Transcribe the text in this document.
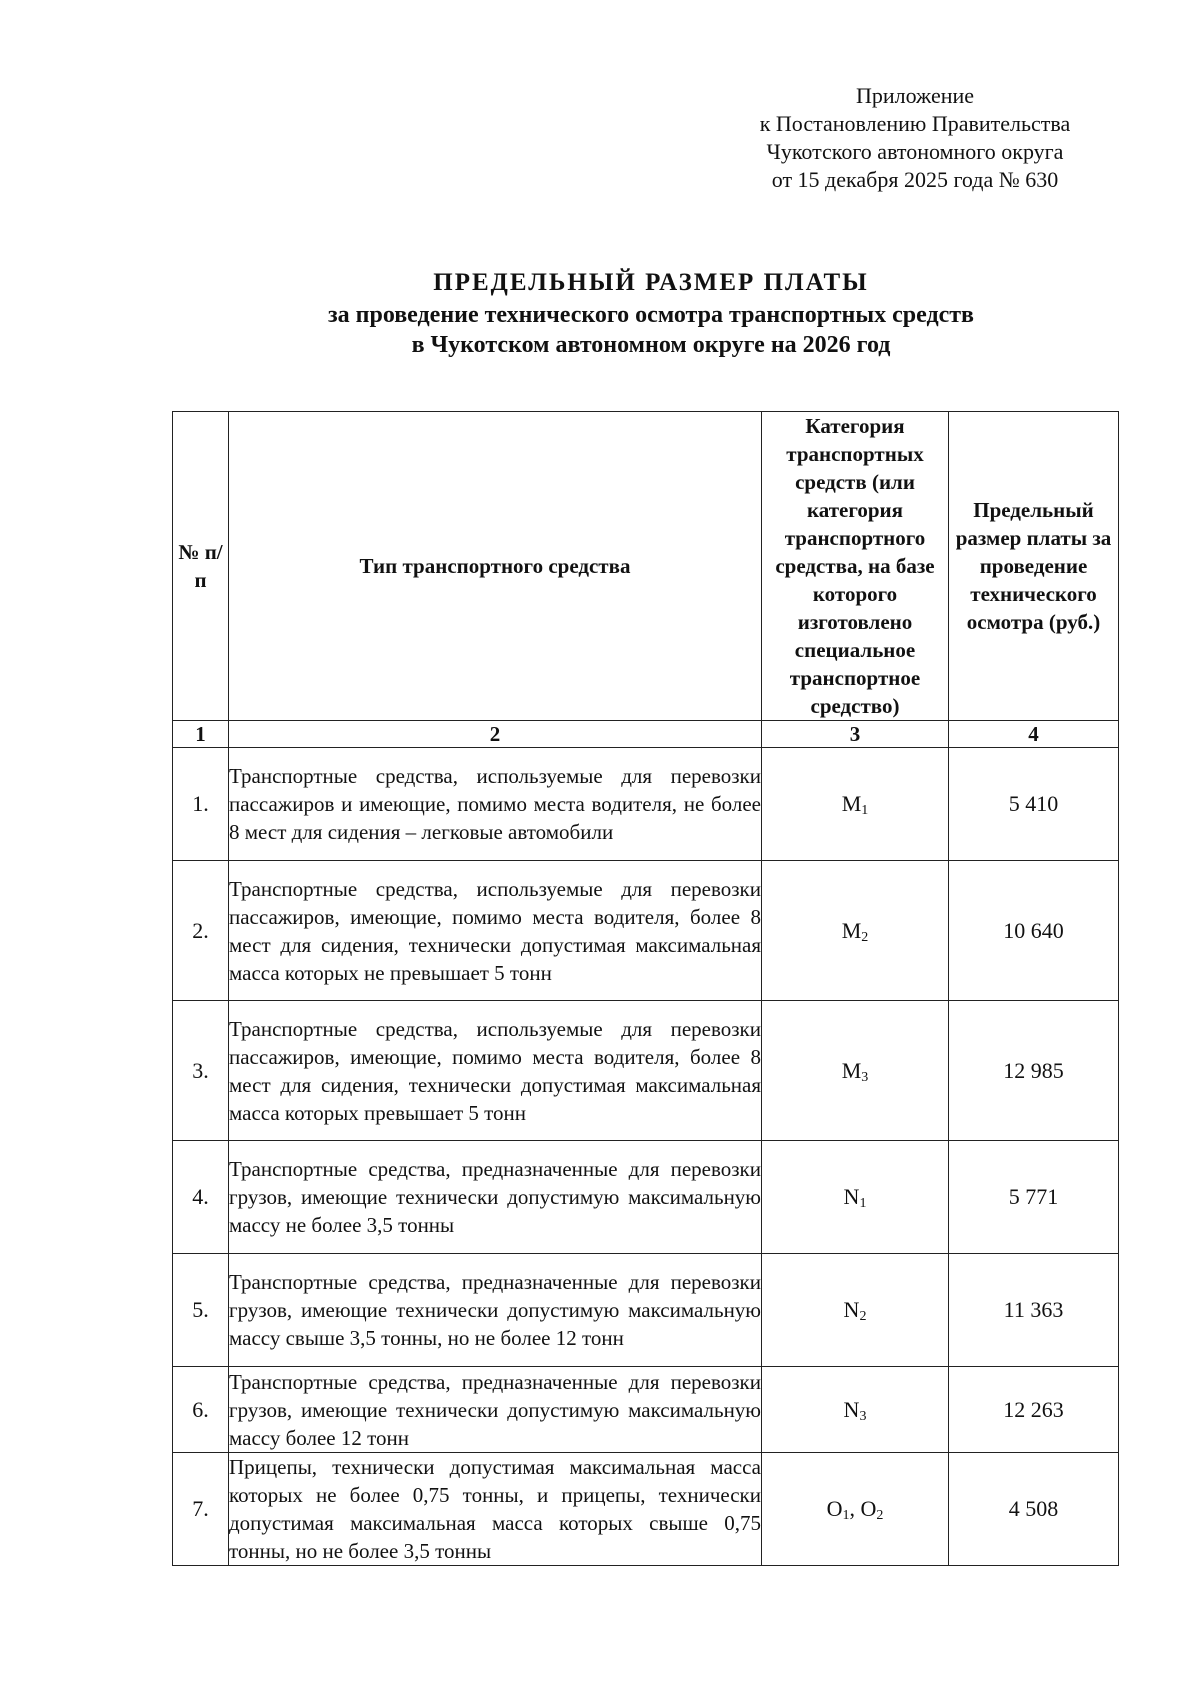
Приложение
к Постановлению Правительства
Чукотского автономного округа
от 15 декабря 2025 года № 630
ПРЕДЕЛЬНЫЙ РАЗМЕР ПЛАТЫ
за проведение технического осмотра транспортных средств
в Чукотском автономном округе на 2026 год
№ п/п	Тип транспортного средства	Категория транспортных средств (или категория транспортного средства, на базе которого изготовлено специальное транспортное средство)	Предельный размер платы за проведение технического осмотра (руб.)
1	2	3	4
1.	Транспортные средства, используемые для перевозки пассажиров и имеющие, помимо места водителя, не более 8 мест для сидения – легковые автомобили	$M_1$	5 410
2.	Транспортные средства, используемые для перевозки пассажиров, имеющие, помимо места водителя, более 8 мест для сидения, технически допустимая максимальная масса которых не превышает 5 тонн	$M_2$	10 640
3.	Транспортные средства, используемые для перевозки пассажиров, имеющие, помимо места водителя, более 8 мест для сидения, технически допустимая максимальная масса которых превышает 5 тонн	$M_3$	12 985
4.	Транспортные средства, предназначенные для перевозки грузов, имеющие технически допустимую максимальную массу не более 3,5 тонны	$N_1$	5 771
5.	Транспортные средства, предназначенные для перевозки грузов, имеющие технически допустимую максимальную массу свыше 3,5 тонны, но не более 12 тонн	$N_2$	11 363
6.	Транспортные средства, предназначенные для перевозки грузов, имеющие технически допустимую максимальную массу более 12 тонн	$N_3$	12 263
7.	Прицепы, технически допустимая максимальная масса которых не более 0,75 тонны, и прицепы, технически допустимая максимальная масса которых свыше 0,75 тонны, но не более 3,5 тонны	$O_1$, $O_2$	4 508
